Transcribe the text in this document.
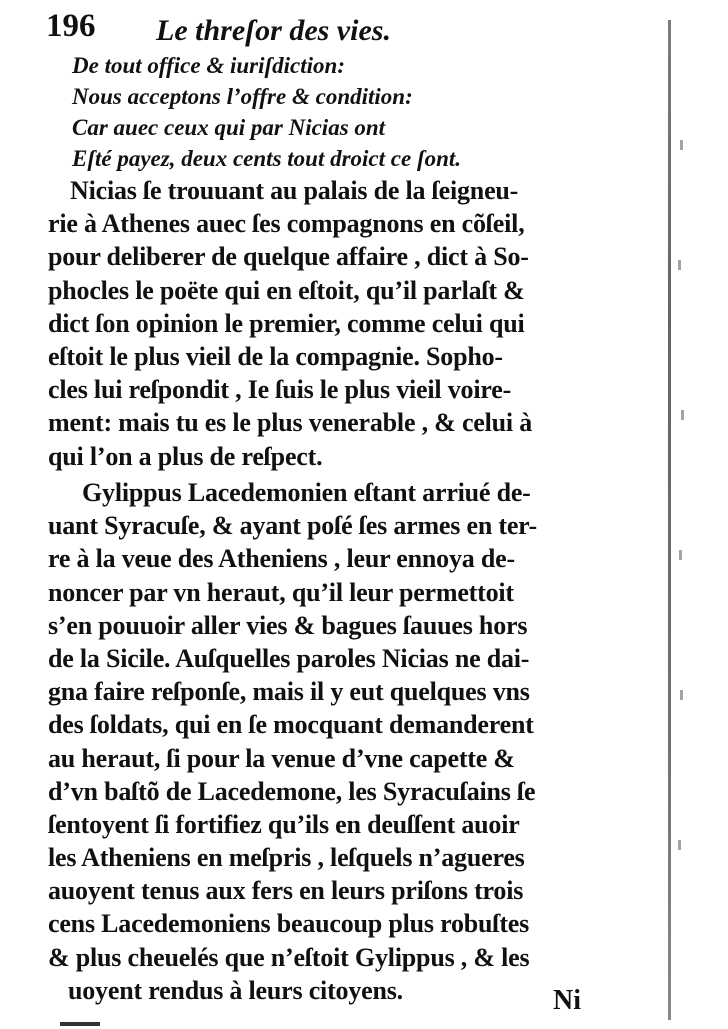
196 Le threſor des vies.
De tout office & iuriſdiction:
Nous acceptons l’offre & condition:
Car auec ceux qui par Nicias ont
Eſté payez, deux cents tout droict ce ſont.
Nicias ſe trouuant au palais de la ſeigneu-
rie à Athenes auec ſes compagnons en cõſeil,
pour deliberer de quelque affaire , dict à So-
phocles le poëte qui en eſtoit, qu’il parlaſt &
dict ſon opinion le premier, comme celui qui
eſtoit le plus vieil de la compagnie. Sopho-
cles lui reſpondit , Ie ſuis le plus vieil voire-
ment: mais tu es le plus venerable , & celui à
qui l’on a plus de reſpect.
Gylippus Lacedemonien eſtant arriué de-
uant Syracuſe, & ayant poſé ſes armes en ter-
re à la veue des Atheniens , leur ennoya de-
noncer par vn heraut, qu’il leur permettoit
s’en pouuoir aller vies & bagues ſauues hors
de la Sicile. Auſquelles paroles Nicias ne dai-
gna faire reſponſe, mais il y eut quelques vns
des ſoldats, qui en ſe mocquant demanderent
au heraut, ſi pour la venue d’vne capette &
d’vn baſtõ de Lacedemone, les Syracuſains ſe
ſentoyent ſi fortifiez qu’ils en deuſſent auoir
les Atheniens en meſpris , leſquels n’agueres
auoyent tenus aux fers en leurs priſons trois
cens Lacedemoniens beaucoup plus robuſtes
& plus cheuelés que n’eſtoit Gylippus , & les
uoyent rendus à leurs citoyens.	Ni
